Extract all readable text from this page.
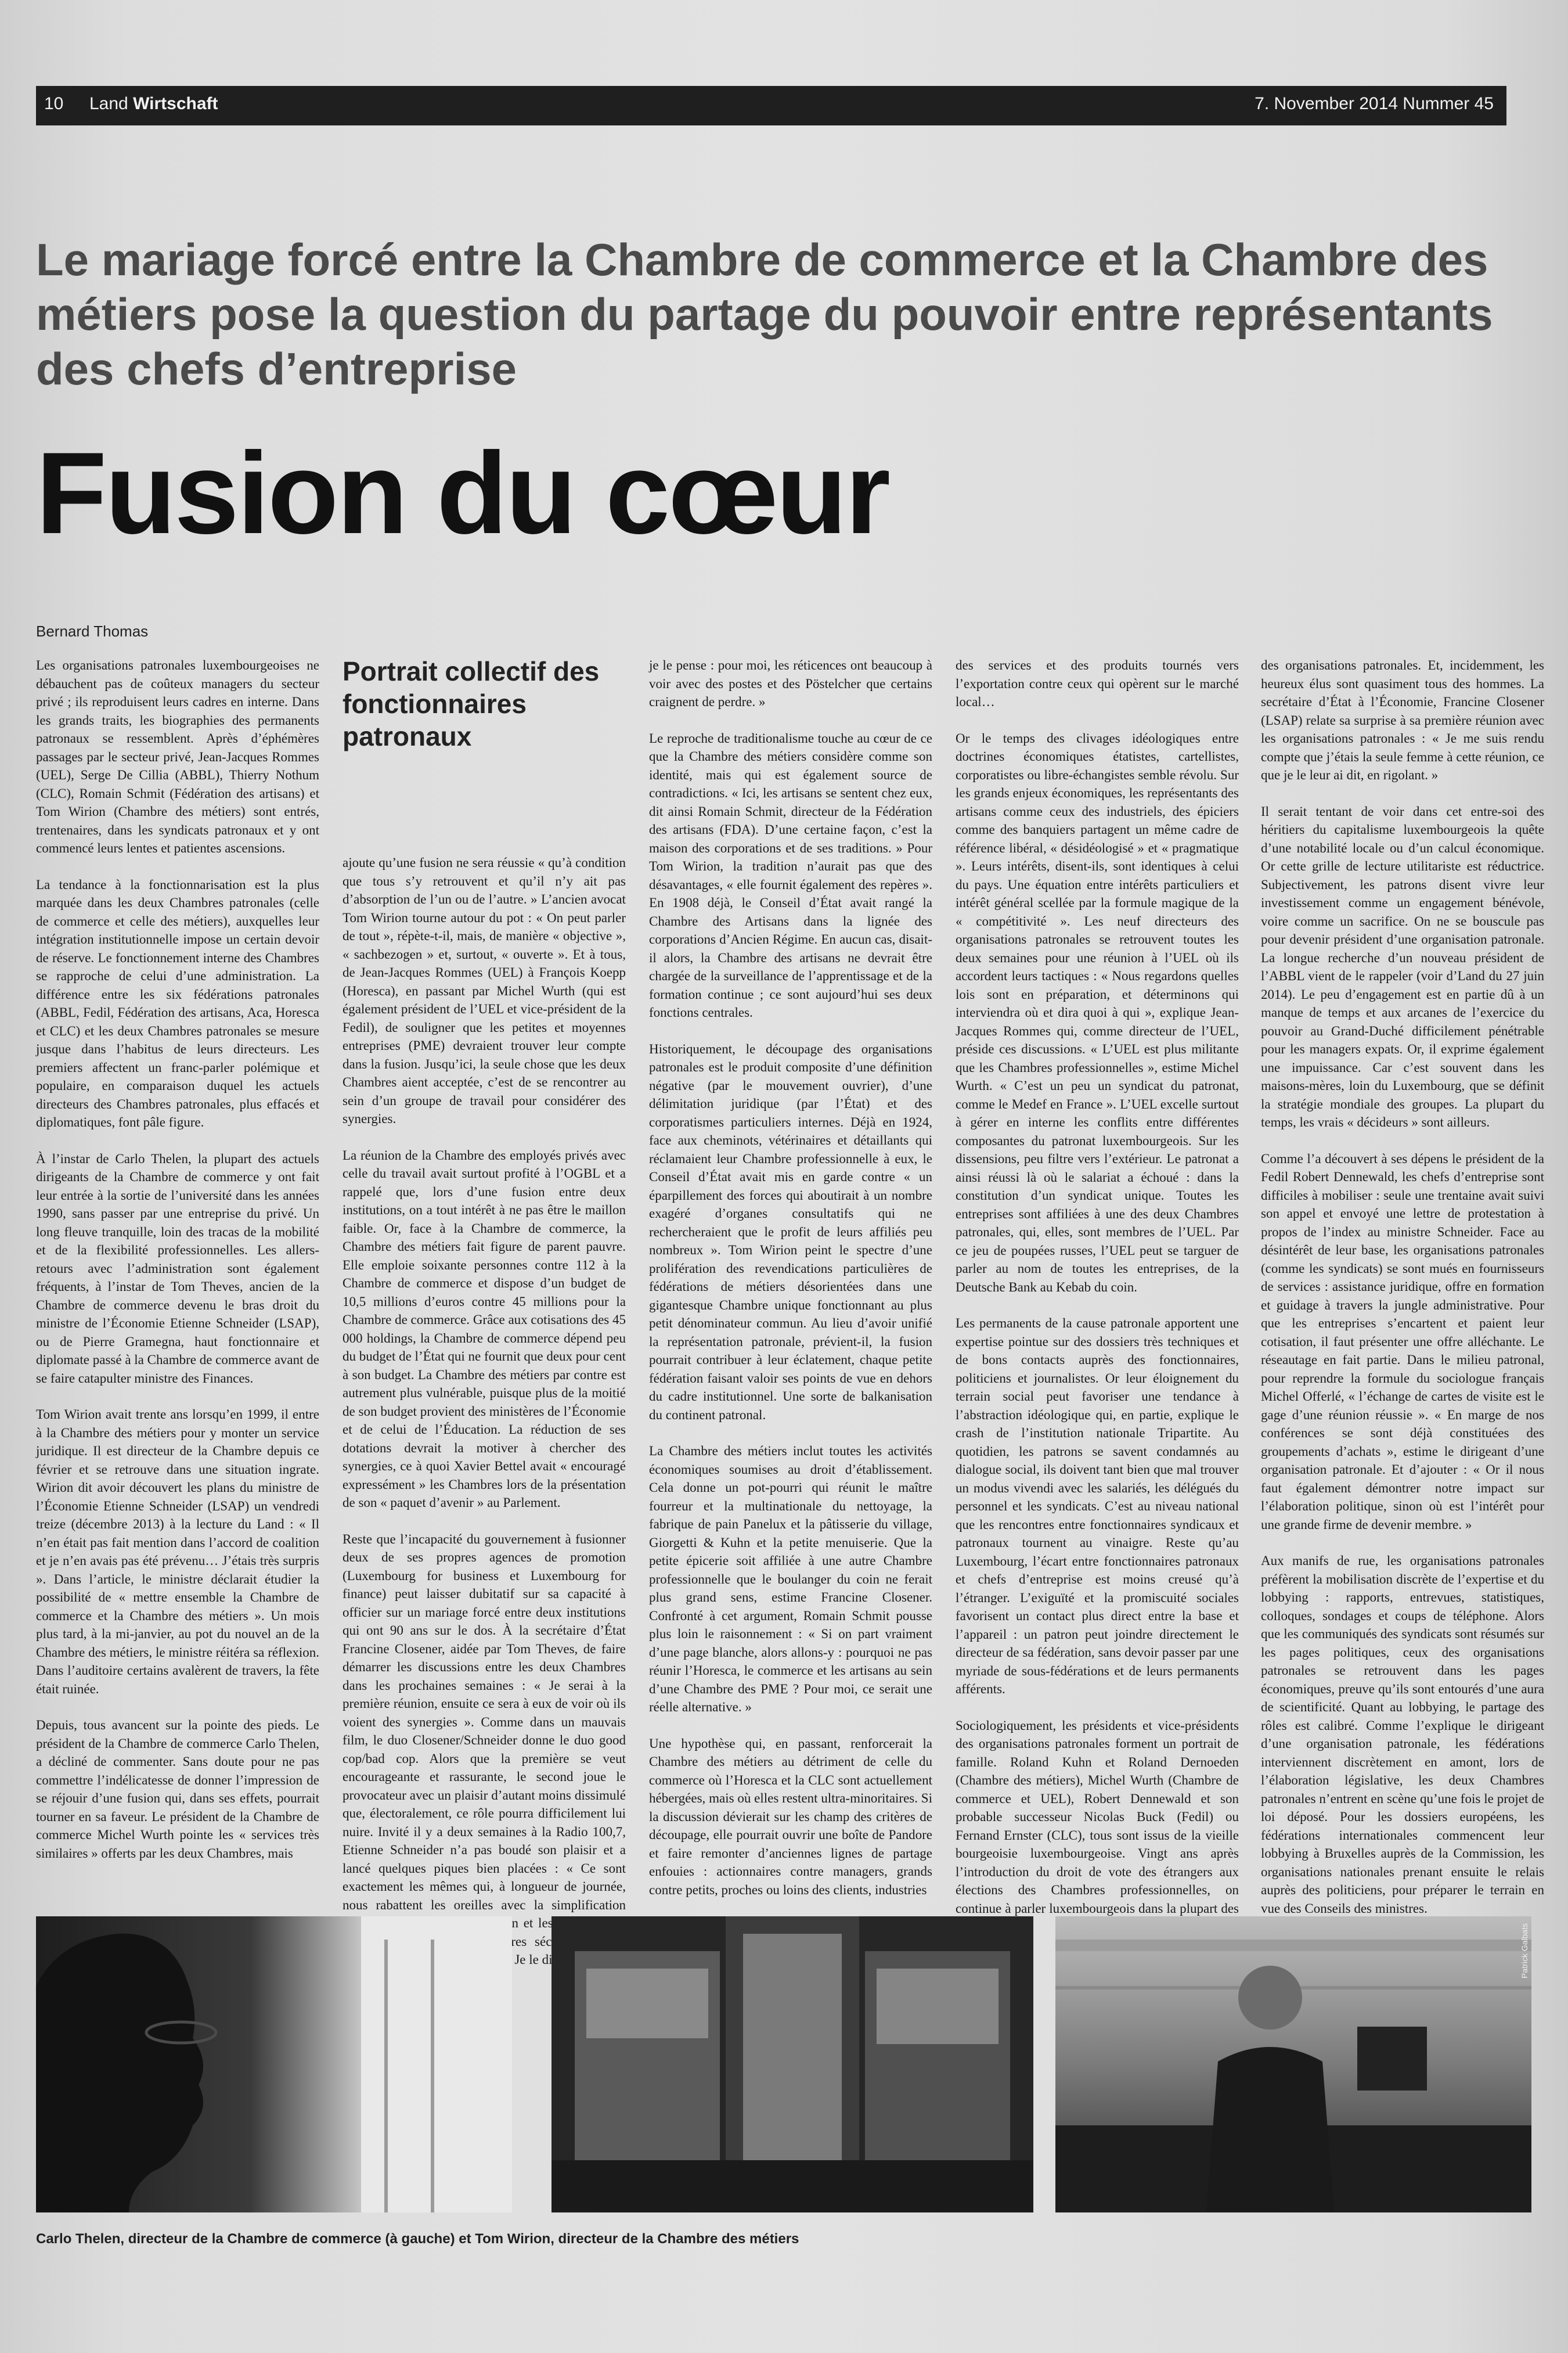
10 Land Wirtschaft	7. November 2014 Nummer 45
Le mariage forcé entre la Chambre de commerce et la Chambre des métiers pose la question du partage du pouvoir entre représentants des chefs d’entreprise
Fusion du cœur
Bernard Thomas

Les organisations patronales luxembourgeoises ne débauchent pas de coûteux managers du secteur privé ; ils reproduisent leurs cadres en interne. Dans les grands traits, les biographies des permanents patronaux se ressemblent. Après d’éphémères passages par le secteur privé, Jean-Jacques Rommes (UEL), Serge De Cillia (ABBL), Thierry Nothum (CLC), Romain Schmit (Fédération des artisans) et Tom Wirion (Chambre des métiers) sont entrés, trentenaires, dans les syndicats patronaux et y ont commencé leurs lentes et patientes ascensions.

La tendance à la fonctionnarisation est la plus marquée dans les deux Chambres patronales (celle de commerce et celle des métiers), auxquelles leur intégration institutionnelle impose un certain devoir de réserve. Le fonctionnement interne des Chambres se rapproche de celui d’une administration. La différence entre les six fédérations patronales (ABBL, Fedil, Fédération des artisans, Aca, Horesca et CLC) et les deux Chambres patronales se mesure jusque dans l’habitus de leurs directeurs. Les premiers affectent un franc-parler polémique et populaire, en comparaison duquel les actuels directeurs des Chambres patronales, plus effacés et diplomatiques, font pâle figure.

À l’instar de Carlo Thelen, la plupart des actuels dirigeants de la Chambre de commerce y ont fait leur entrée à la sortie de l’université dans les années 1990, sans passer par une entreprise du privé. Un long fleuve tranquille, loin des tracas de la mobilité et de la flexibilité professionnelles. Les allers-retours avec l’administration sont également fréquents, à l’instar de Tom Theves, ancien de la Chambre de commerce devenu le bras droit du ministre de l’Économie Etienne Schneider (LSAP), ou de Pierre Gramegna, haut fonctionnaire et diplomate passé à la Chambre de commerce avant de se faire catapulter ministre des Finances.

Tom Wirion avait trente ans lorsqu’en 1999, il entre à la Chambre des métiers pour y monter un service juridique. Il est directeur de la Chambre depuis ce février et se retrouve dans une situation ingrate. Wirion dit avoir découvert les plans du ministre de l’Économie Etienne Schneider (LSAP) un vendredi treize (décembre 2013) à la lecture du Land : « Il n’en était pas fait mention dans l’accord de coalition et je n’en avais pas été prévenu… J’étais très surpris ». Dans l’article, le ministre déclarait étudier la possibilité de « mettre ensemble la Chambre de commerce et la Chambre des métiers ». Un mois plus tard, à la mi-janvier, au pot du nouvel an de la Chambre des métiers, le ministre réitéra sa réflexion. Dans l’auditoire certains avalèrent de travers, la fête était ruinée.

Depuis, tous avancent sur la pointe des pieds. Le président de la Chambre de commerce Carlo Thelen, a décliné de commenter. Sans doute pour ne pas commettre l’indélicatesse de donner l’impression de se réjouir d’une fusion qui, dans ses effets, pourrait tourner en sa faveur. Le président de la Chambre de commerce Michel Wurth pointe les « services très similaires » offerts par les deux Chambres, mais

Portrait collectif des fonctionnaires patronaux

ajoute qu’une fusion ne sera réussie « qu’à condition que tous s’y retrouvent et qu’il n’y ait pas d’absorption de l’un ou de l’autre. » L’ancien avocat Tom Wirion tourne autour du pot : « On peut parler de tout », répète-t-il, mais, de manière « objective », « sachbezogen » et, surtout, « ouverte ». Et à tous, de Jean-Jacques Rommes (UEL) à François Koepp (Horesca), en passant par Michel Wurth (qui est également président de l’UEL et vice-président de la Fedil), de souligner que les petites et moyennes entreprises (PME) devraient trouver leur compte dans la fusion. Jusqu’ici, la seule chose que les deux Chambres aient acceptée, c’est de se rencontrer au sein d’un groupe de travail pour considérer des synergies.

La réunion de la Chambre des employés privés avec celle du travail avait surtout profité à l’OGBL et a rappelé que, lors d’une fusion entre deux institutions, on a tout intérêt à ne pas être le maillon faible. Or, face à la Chambre de commerce, la Chambre des métiers fait figure de parent pauvre. Elle emploie soixante personnes contre 112 à la Chambre de commerce et dispose d’un budget de 10,5 millions d’euros contre 45 millions pour la Chambre de commerce. Grâce aux cotisations des 45 000 holdings, la Chambre de commerce dépend peu du budget de l’État qui ne fournit que deux pour cent à son budget. La Chambre des métiers par contre est autrement plus vulnérable, puisque plus de la moitié de son budget provient des ministères de l’Économie et de celui de l’Éducation. La réduction de ses dotations devrait la motiver à chercher des synergies, ce à quoi Xavier Bettel avait « encouragé expressément » les Chambres lors de la présentation de son « paquet d’avenir » au Parlement.

Reste que l’incapacité du gouvernement à fusionner deux de ses propres agences de promotion (Luxembourg for business et Luxembourg for finance) peut laisser dubitatif sur sa capacité à officier sur un mariage forcé entre deux institutions qui ont 90 ans sur le dos. À la secrétaire d’État Francine Closener, aidée par Tom Theves, de faire démarrer les discussions entre les deux Chambres dans les prochaines semaines : « Je serai à la première réunion, ensuite ce sera à eux de voir où ils voient des synergies ». Comme dans un mauvais film, le duo Closener/Schneider donne le duo good cop/bad cop. Alors que la première se veut encourageante et rassurante, le second joue le provocateur avec un plaisir d’autant moins dissimulé que, électoralement, ce rôle pourra difficilement lui nuire. Invité il y a deux semaines à la Radio 100,7, Etienne Schneider n’a pas boudé son plaisir et a lancé quelques piques bien placées : « Ce sont exactement les mêmes qui, à longueur de journée, nous rabattent les oreilles avec la simplification et les Je le dis

je le pense : pour moi, les réticences ont beaucoup à voir avec des postes et des Pöstelcher que certains craignent de perdre. »

Le reproche de traditionalisme touche au cœur de ce que la Chambre des métiers considère comme son identité, mais qui est également source de contradictions. « Ici, les artisans se sentent chez eux, dit ainsi Romain Schmit, directeur de la Fédération des artisans (FDA). D’une certaine façon, c’est la maison des corporations et de ses traditions. » Pour Tom Wirion, la tradition n’aurait pas que des désavantages, « elle fournit également des repères ». En 1908 déjà, le Conseil d’État avait rangé la Chambre des Artisans dans la lignée des corporations d’Ancien Régime. En aucun cas, disait-il alors, la Chambre des artisans ne devrait être chargée de la surveillance de l’apprentissage et de la formation continue ; ce sont aujourd’hui ses deux fonctions centrales.

Historiquement, le découpage des organisations patronales est le produit composite d’une définition négative (par le mouvement ouvrier), d’une délimitation juridique (par l’État) et des corporatismes particuliers internes. Déjà en 1924, face aux cheminots, vétérinaires et détaillants qui réclamaient leur Chambre professionnelle à eux, le Conseil d’État avait mis en garde contre « un éparpillement des forces qui aboutirait à un nombre exagéré d’organes consultatifs qui ne rechercheraient que le profit de leurs affiliés peu nombreux ». Tom Wirion peint le spectre d’une prolifération des revendications particulières de fédérations de métiers désorientées dans une gigantesque Chambre unique fonctionnant au plus petit dénominateur commun. Au lieu d’avoir unifié la représentation patronale, prévient-il, la fusion pourrait contribuer à leur éclatement, chaque petite fédération faisant valoir ses points de vue en dehors du cadre institutionnel. Une sorte de balkanisation du continent patronal.

La Chambre des métiers inclut toutes les activités économiques soumises au droit d’établissement. Cela donne un pot-pourri qui réunit le maître fourreur et la multinationale du nettoyage, la fabrique de pain Panelux et la pâtisserie du village, Giorgetti & Kuhn et la petite menuiserie. Que la petite épicerie soit affiliée à une autre Chambre professionnelle que le boulanger du coin ne ferait plus grand sens, estime Francine Closener. Confronté à cet argument, Romain Schmit pousse plus loin le raisonnement : « Si on part vraiment d’une page blanche, alors allons-y : pourquoi ne pas réunir l’Horesca, le commerce et les artisans au sein d’une Chambre des PME ? Pour moi, ce serait une réelle alternative. »

Une hypothèse qui, en passant, renforcerait la Chambre des métiers au détriment de celle du commerce où l’Horesca et la CLC sont actuellement hébergées, mais où elles restent ultra-minoritaires. Si la discussion dévierait sur les champ des critères de découpage, elle pourrait ouvrir une boîte de Pandore et faire remonter d’anciennes lignes de partage enfouies : actionnaires contre managers, grands contre petits, proches ou loins des clients, industries

des services et des produits tournés vers l’exportation contre ceux qui opèrent sur le marché local…

Or le temps des clivages idéologiques entre doctrines économiques étatistes, cartellistes, corporatistes ou libre-échangistes semble révolu. Sur les grands enjeux économiques, les représentants des artisans comme ceux des industriels, des épiciers comme des banquiers partagent un même cadre de référence libéral, « désidéologisé » et « pragmatique ». Leurs intérêts, disent-ils, sont identiques à celui du pays. Une équation entre intérêts particuliers et intérêt général scellée par la formule magique de la « compétitivité ». Les neuf directeurs des organisations patronales se retrouvent toutes les deux semaines pour une réunion à l’UEL où ils accordent leurs tactiques : « Nous regardons quelles lois sont en préparation, et déterminons qui interviendra où et dira quoi à qui », explique Jean-Jacques Rommes qui, comme directeur de l’UEL, préside ces discussions. « L’UEL est plus militante que les Chambres professionnelles », estime Michel Wurth. « C’est un peu un syndicat du patronat, comme le Medef en France ». L’UEL excelle surtout à gérer en interne les conflits entre différentes composantes du patronat luxembourgeois. Sur les dissensions, peu filtre vers l’extérieur. Le patronat a ainsi réussi là où le salariat a échoué : dans la constitution d’un syndicat unique. Toutes les entreprises sont affiliées à une des deux Chambres patronales, qui, elles, sont membres de l’UEL. Par ce jeu de poupées russes, l’UEL peut se targuer de parler au nom de toutes les entreprises, de la Deutsche Bank au Kebab du coin.

Les permanents de la cause patronale apportent une expertise pointue sur des dossiers très techniques et de bons contacts auprès des fonctionnaires, politiciens et journalistes. Or leur éloignement du terrain social peut favoriser une tendance à l’abstraction idéologique qui, en partie, explique le crash de l’institution nationale Tripartite. Au quotidien, les patrons se savent condamnés au dialogue social, ils doivent tant bien que mal trouver un modus vivendi avec les salariés, les délégués du personnel et les syndicats. C’est au niveau national que les rencontres entre fonctionnaires syndicaux et patronaux tournent au vinaigre. Reste qu’au Luxembourg, l’écart entre fonctionnaires patronaux et chefs d’entreprise est moins creusé qu’à l’étranger. L’exiguïté et la promiscuité sociales favorisent un contact plus direct entre la base et l’appareil : un patron peut joindre directement le directeur de sa fédération, sans devoir passer par une myriade de sous-fédérations et de leurs permanents afférents.

Sociologiquement, les présidents et vice-présidents des organisations patronales forment un portrait de famille. Roland Kuhn et Roland Dernoeden (Chambre des métiers), Michel Wurth (Chambre de commerce et UEL), Robert Dennewald et son probable successeur Nicolas Buck (Fedil) ou Fernand Ernster (CLC), tous sont issus de la vieille bourgeoisie luxembourgeoise. Vingt ans après l’introduction du droit de vote des étrangers aux élections des Chambres professionnelles, on continue à parler luxembourgeois dans la plupart des

des organisations patronales. Et, incidemment, les heureux élus sont quasiment tous des hommes. La secrétaire d’État à l’Économie, Francine Closener (LSAP) relate sa surprise à sa première réunion avec les organisations patronales : « Je me suis rendu compte que j’étais la seule femme à cette réunion, ce que je le leur ai dit, en rigolant. »

Il serait tentant de voir dans cet entre-soi des héritiers du capitalisme luxembourgeois la quête d’une notabilité locale ou d’un calcul économique. Or cette grille de lecture utilitariste est réductrice. Subjectivement, les patrons disent vivre leur investissement comme un engagement bénévole, voire comme un sacrifice. On ne se bouscule pas pour devenir président d’une organisation patronale. La longue recherche d’un nouveau président de l’ABBL vient de le rappeler (voir d’Land du 27 juin 2014). Le peu d’engagement est en partie dû à un manque de temps et aux arcanes de l’exercice du pouvoir au Grand-Duché difficilement pénétrable pour les managers expats. Or, il exprime également une impuissance. Car c’est souvent dans les maisons-mères, loin du Luxembourg, que se définit la stratégie mondiale des groupes. La plupart du temps, les vrais « décideurs » sont ailleurs.

Comme l’a découvert à ses dépens le président de la Fedil Robert Dennewald, les chefs d’entreprise sont difficiles à mobiliser : seule une trentaine avait suivi son appel et envoyé une lettre de protestation à propos de l’index au ministre Schneider. Face au désintérêt de leur base, les organisations patronales (comme les syndicats) se sont mués en fournisseurs de services : assistance juridique, offre en formation et guidage à travers la jungle administrative. Pour que les entreprises s’encartent et paient leur cotisation, il faut présenter une offre alléchante. Le réseautage en fait partie. Dans le milieu patronal, pour reprendre la formule du sociologue français Michel Offerlé, « l’échange de cartes de visite est le gage d’une réunion réussie ». « En marge de nos conférences se sont déjà constituées des groupements d’achats », estime le dirigeant d’une organisation patronale. Et d’ajouter : « Or il nous faut également démontrer notre impact sur l’élaboration politique, sinon où est l’intérêt pour une grande firme de devenir membre. »

Aux manifs de rue, les organisations patronales préfèrent la mobilisation discrète de l’expertise et du lobbying : rapports, entrevues, statistiques, colloques, sondages et coups de téléphone. Alors que les communiqués des syndicats sont résumés sur les pages politiques, ceux des organisations patronales se retrouvent dans les pages économiques, preuve qu’ils sont entourés d’une aura de scientificité. Quant au lobbying, le partage des rôles est calibré. Comme l’explique le dirigeant d’une organisation patronale, les fédérations interviennent discrètement en amont, lors de l’élaboration législative, les deux Chambres patronales n’entrent en scène qu’une fois le projet de loi déposé. Pour les dossiers européens, les fédérations internationales commencent leur lobbying à Bruxelles auprès de la Commission, les organisations nationales prenant ensuite le relais auprès des politiciens, pour préparer le terrain en vue des Conseils des ministres.

Patrick Galbats
Carlo Thelen, directeur de la Chambre de commerce (à gauche) et Tom Wirion, directeur de la Chambre des métiers
